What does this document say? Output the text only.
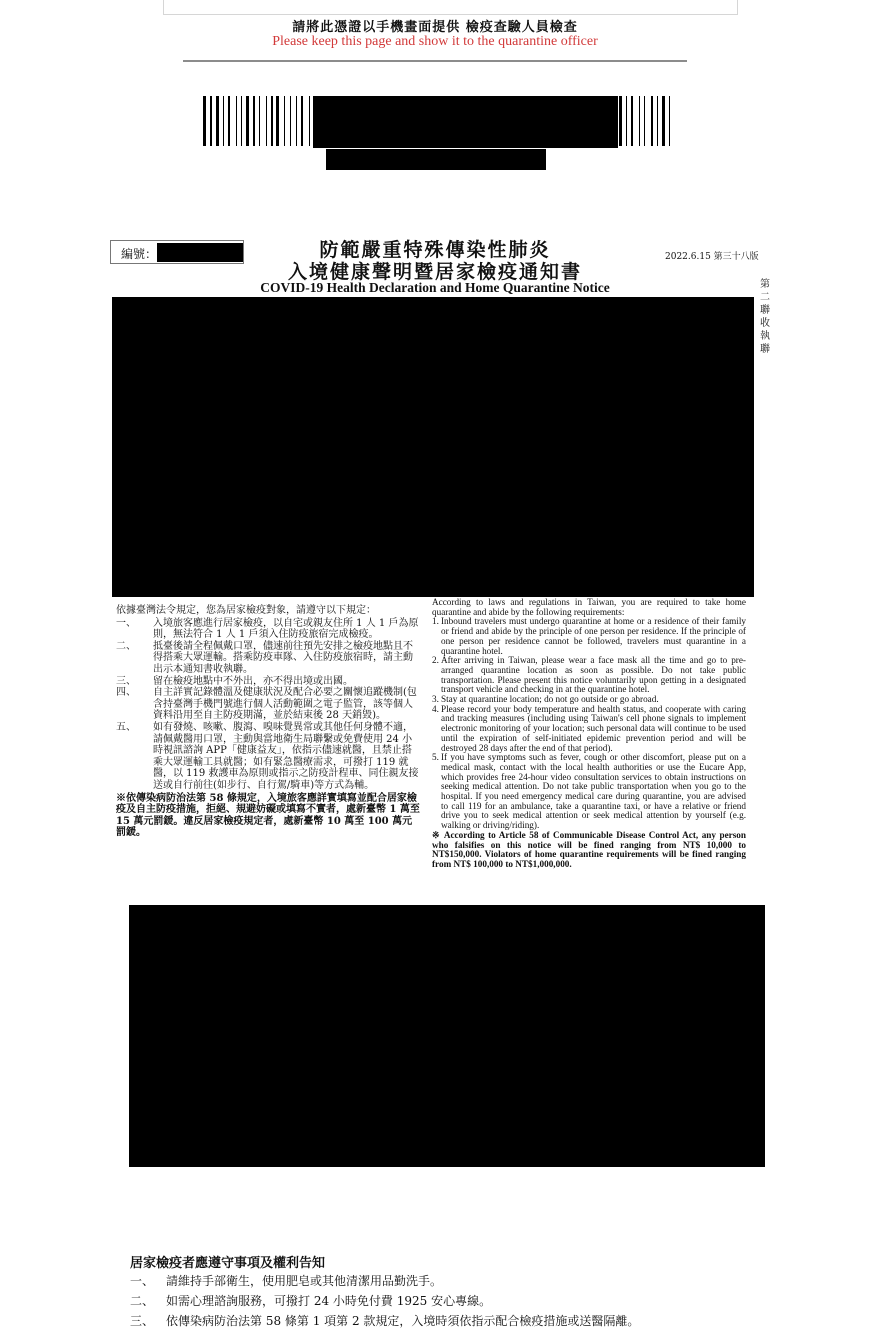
請將此憑證以手機畫面提供 檢疫查驗人員檢查
Please keep this page and show it to the quarantine officer
編號：	防範嚴重特殊傳染性肺炎
入境健康聲明暨居家檢疫通知書
COVID-19 Health Declaration and Home Quarantine Notice
2022.6.15 第三十八版
第二聯 收執聯
依據臺灣法令規定，您為居家檢疫對象，請遵守以下規定：
一、	入境旅客應進行居家檢疫，以自宅或親友住所 1 人 1 戶為原則，無法符合 1 人 1 戶須入住防疫旅宿完成檢疫。
二、	抵臺後請全程佩戴口罩，儘速前往預先安排之檢疫地點且不得搭乘大眾運輸。搭乘防疫車隊、入住防疫旅宿時，請主動出示本通知書收執聯。
三、	留在檢疫地點中不外出，亦不得出境或出國。
四、	自主詳實記錄體溫及健康狀況及配合必要之關懷追蹤機制(包含持臺灣手機門號進行個人活動範圍之電子監管，該等個人資料沿用至自主防疫期滿，並於結束後 28 天銷毀)。
五、	如有發燒、咳嗽、腹瀉、嗅味覺異常或其他任何身體不適，請佩戴醫用口罩，主動與當地衛生局聯繫或免費使用 24 小時視訊諮詢 APP「健康益友」，依指示儘速就醫，且禁止搭乘大眾運輸工具就醫；如有緊急醫療需求，可撥打 119 就醫，以 119 救護車為原則或指示之防疫計程車、同住親友接送或自行前往(如步行、自行駕/騎車)等方式為輔。
※依傳染病防治法第 58 條規定，入境旅客應詳實填寫並配合居家檢疫及自主防疫措施，拒絕、規避妨礙或填寫不實者，處新臺幣 1 萬至 15 萬元罰鍰。違反居家檢疫規定者，處新臺幣 10 萬至 100 萬元罰鍰。
According to laws and regulations in Taiwan, you are required to take home quarantine and abide by the following requirements:
1. Inbound travelers must undergo quarantine at home or a residence of their family or friend and abide by the principle of one person per residence. If the principle of one person per residence cannot be followed, travelers must quarantine in a quarantine hotel.
2. After arriving in Taiwan, please wear a face mask all the time and go to pre-arranged quarantine location as soon as possible. Do not take public transportation. Please present this notice voluntarily upon getting in a designated transport vehicle and checking in at the quarantine hotel.
3. Stay at quarantine location; do not go outside or go abroad.
4. Please record your body temperature and health status, and cooperate with caring and tracking measures (including using Taiwan's cell phone signals to implement electronic monitoring of your location; such personal data will continue to be used until the expiration of self-initiated epidemic prevention period and will be destroyed 28 days after the end of that period).
5. If you have symptoms such as fever, cough or other discomfort, please put on a medical mask, contact with the local health authorities or use the Eucare App, which provides free 24-hour video consultation services to obtain instructions on seeking medical attention. Do not take public transportation when you go to the hospital. If you need emergency medical care during quarantine, you are advised to call 119 for an ambulance, take a quarantine taxi, or have a relative or friend drive you to seek medical attention or seek medical attention by yourself (e.g. walking or driving/riding).
※ According to Article 58 of Communicable Disease Control Act, any person who falsifies on this notice will be fined ranging from NT$ 10,000 to NT$150,000. Violators of home quarantine requirements will be fined ranging from NT$ 100,000 to NT$1,000,000.
居家檢疫者應遵守事項及權利告知
一、 請維持手部衛生，使用肥皂或其他清潔用品勤洗手。
二、 如需心理諮詢服務，可撥打 24 小時免付費 1925 安心專線。
三、 依傳染病防治法第 58 條第 1 項第 2 款規定，入境時須依指示配合檢疫措施或送醫隔離。
